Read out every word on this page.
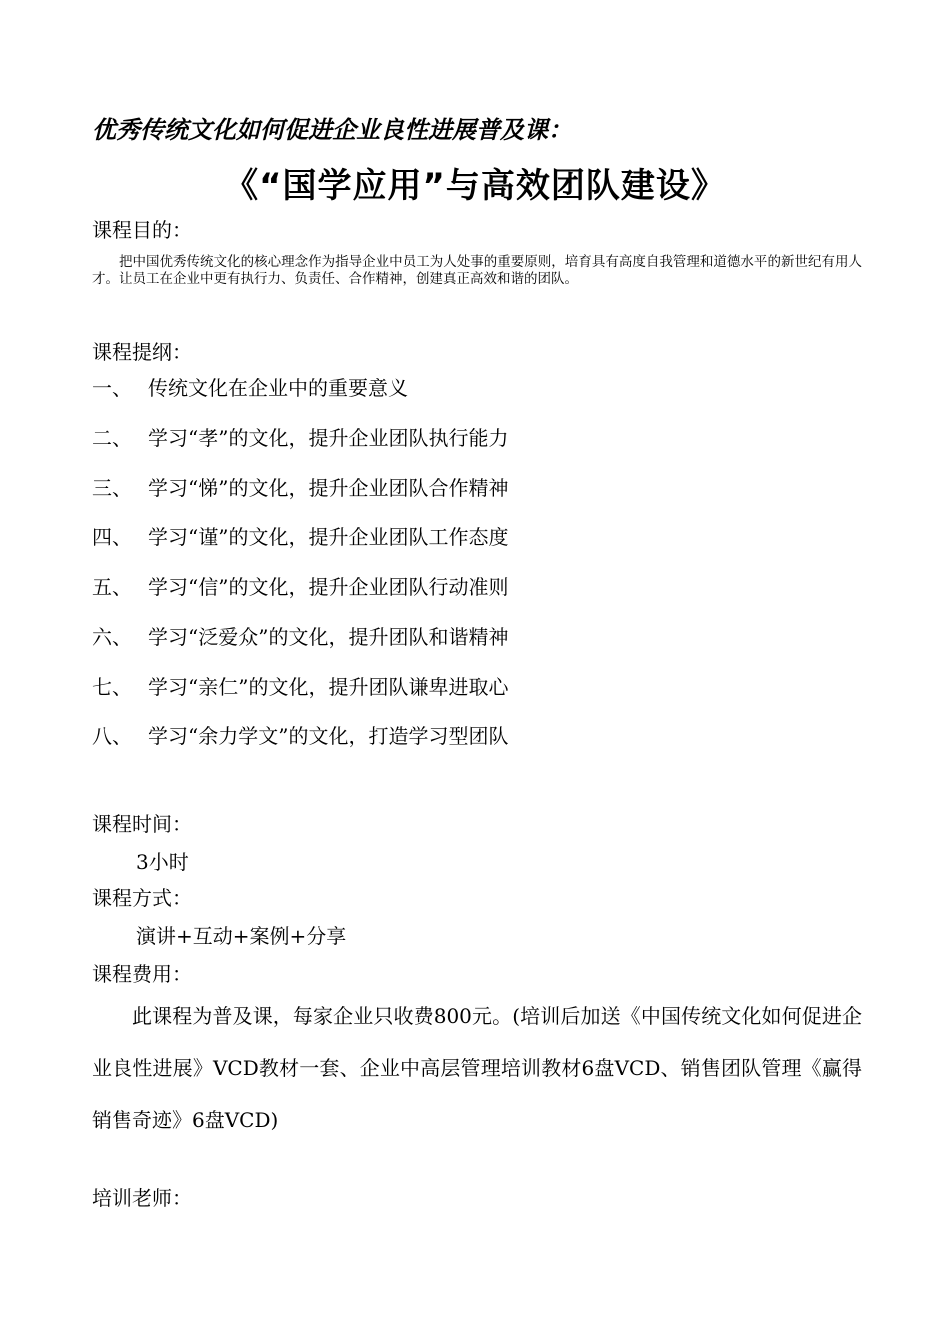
优秀传统文化如何促进企业良性进展普及课：
《“国学应用”与高效团队建设》
课程目的：

把中国优秀传统文化的核心理念作为指导企业中员工为人处事的重要原则，培育具有高度自我管理和道德水平的新世纪有用人才。让员工在企业中更有执行力、负责任、合作精神，创建真正高效和谐的团队。

课程提纲：
一、 传统文化在企业中的重要意义
二、 学习“孝”的文化，提升企业团队执行能力
三、 学习“悌”的文化，提升企业团队合作精神
四、 学习“谨”的文化，提升企业团队工作态度
五、 学习“信”的文化，提升企业团队行动准则
六、 学习“泛爱众”的文化，提升团队和谐精神
七、 学习“亲仁”的文化，提升团队谦卑进取心
八、 学习“余力学文”的文化，打造学习型团队
课程时间：
3小时
课程方式：
演讲+互动+案例+分享
课程费用：

此课程为普及课，每家企业只收费800元。(培训后加送《中国传统文化如何促进企业良性进展》VCD教材一套、企业中高层管理培训教材6盘VCD、销售团队管理《赢得销售奇迹》6盘VCD)

培训老师：
